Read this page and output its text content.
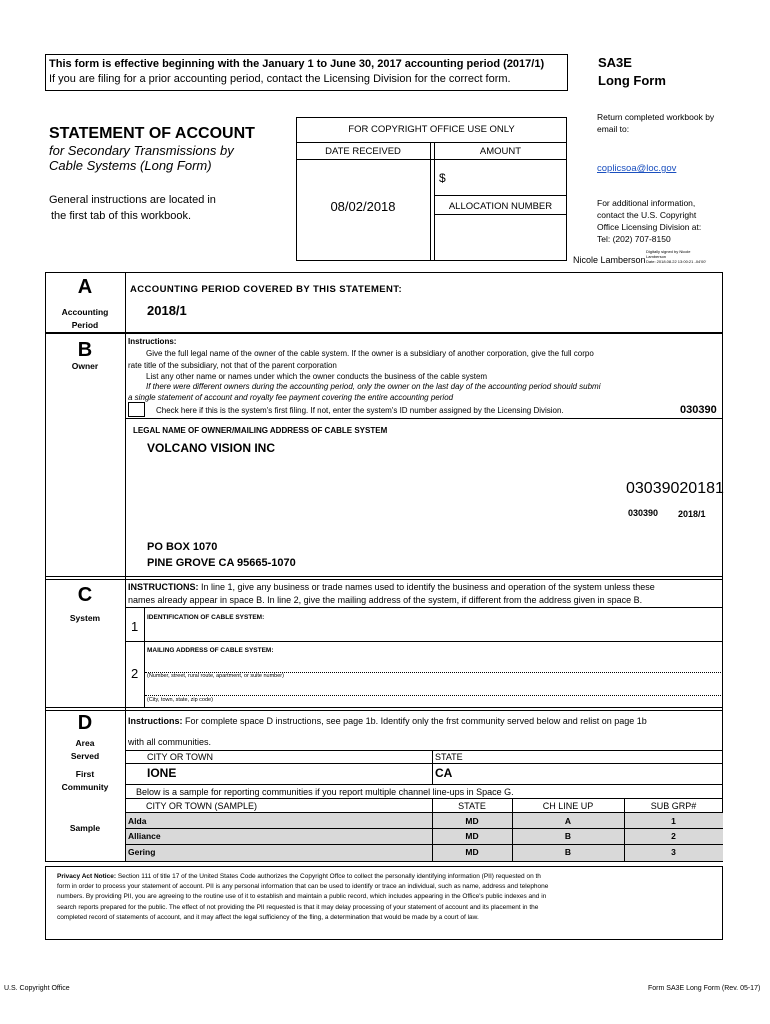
This form is effective beginning with the January 1 to June 30, 2017 accounting period (2017/1)
If you are filing for a prior accounting period, contact the Licensing Division for the correct form.
SA3E
Long Form
STATEMENT OF ACCOUNT
for Secondary Transmissions by
Cable Systems (Long Form)
General instructions are located in
the first tab of this workbook.
FOR COPYRIGHT OFFICE USE ONLY
DATE RECEIVED	AMOUNT
$
08/02/2018	ALLOCATION NUMBER
Return completed workbook by
email to:
coplicsoa@loc.gov
For additional information,
contact the U.S. Copyright
Office Licensing Division at:
Tel: (202) 707-8150
Nicole Lamberson
Digitally signed by Nicole
Lamberson
Date: 2018.08.22 13:00:21 -04'00'
A
Accounting
Period
ACCOUNTING PERIOD COVERED BY THIS STATEMENT:
2018/1
B
Owner
Instructions:
Give the full legal name of the owner of the cable system. If the owner is a subsidiary of another corporation, give the full corpo
rate title of the subsidiary, not that of the parent corporation
List any other name or names under which the owner conducts the business of the cable system
If there were different owners during the accounting period, only the owner on the last day of the accounting period should submi
a single statement of account and royalty fee payment covering the entire accounting period
Check here if this is the system's first filing. If not, enter the system's ID number assigned by the Licensing Division.	030390
LEGAL NAME OF OWNER/MAILING ADDRESS OF CABLE SYSTEM
VOLCANO VISION INC
03039020181
030390 2018/1
PO BOX 1070
PINE GROVE CA 95665-1070
C
System
INSTRUCTIONS: In line 1, give any business or trade names used to identify the business and operation of the system unless these
names already appear in space B. In line 2, give the mailing address of the system, if different from the address given in space B.
1
IDENTIFICATION OF CABLE SYSTEM:
MAILING ADDRESS OF CABLE SYSTEM:
2 (Number, street, rural route, apartment, or suite number)
(City, town, state, zip code)
D
Area
Served
First
Community
Sample
Instructions: For complete space D instructions, see page 1b. Identify only the frst community served below and relist on page 1b
with all communities.
CITY OR TOWN	STATE
IONE	CA
Below is a sample for reporting communities if you report multiple channel line-ups in Space G.
CITY OR TOWN (SAMPLE)	STATE	CH LINE UP	SUB GRP#
Alda	MD	A	1
Alliance	MD	B	2
Gering	MD	B	3
Privacy Act Notice: Section 111 of title 17 of the United States Code authorizes the Copyright Offce to collect the personally identifying information (PII) requested on th
form in order to process your statement of account. PII is any personal information that can be used to identify or trace an individual, such as name, address and telephone
numbers. By providing PII, you are agreeing to the routine use of it to establish and maintain a public record, which includes appearing in the Office's public indexes and in
search reports prepared for the public. The effect of not providing the PII requested is that it may delay processing of your statement of account and its placement in the
completed record of statements of account, and it may affect the legal sufficiency of the fling, a determination that would be made by a court of law.
U.S. Copyright Office	Form SA3E Long Form (Rev. 05-17)
